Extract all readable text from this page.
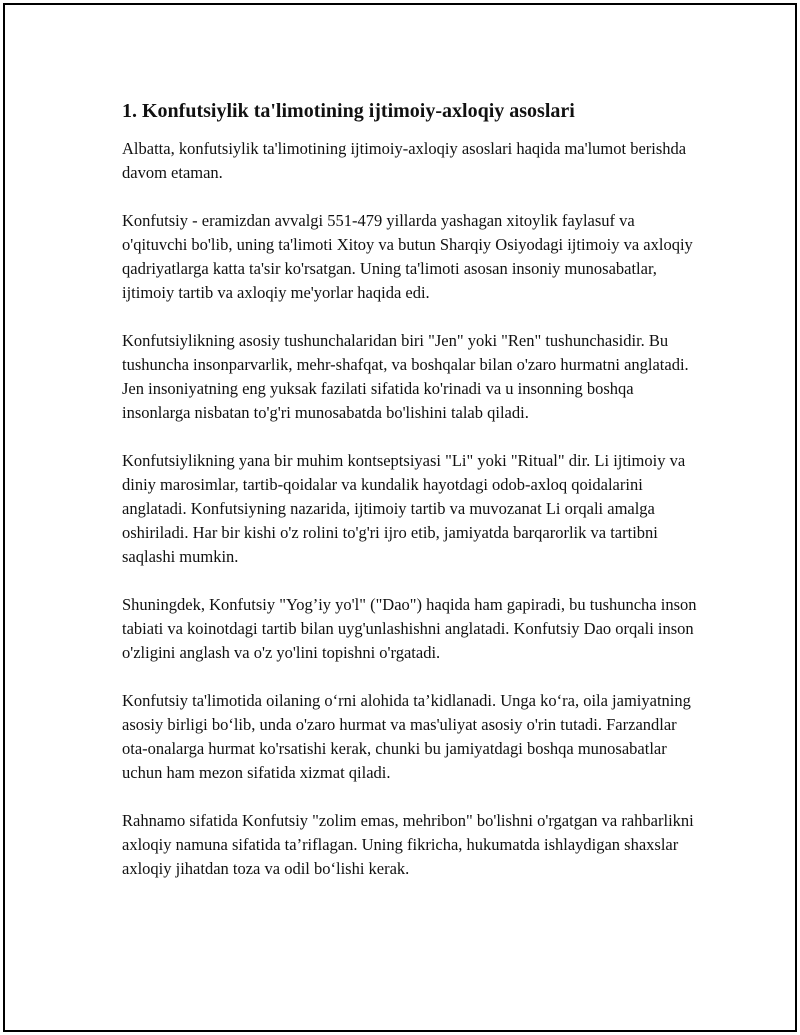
1. Konfutsiylik ta'limotining ijtimoiy-axloqiy asoslari

Albatta, konfutsiylik ta'limotining ijtimoiy-axloqiy asoslari haqida ma'lumot berishda davom etaman.

Konfutsiy - eramizdan avvalgi 551-479 yillarda yashagan xitoylik faylasuf va o'qituvchi bo'lib, uning ta'limoti Xitoy va butun Sharqiy Osiyodagi ijtimoiy va axloqiy qadriyatlarga katta ta'sir ko'rsatgan. Uning ta'limoti asosan insoniy munosabatlar, ijtimoiy tartib va axloqiy me'yorlar haqida edi.

Konfutsiylikning asosiy tushunchalaridan biri "Jen" yoki "Ren" tushunchasidir. Bu tushuncha insonparvarlik, mehr-shafqat, va boshqalar bilan o'zaro hurmatni anglatadi. Jen insoniyatning eng yuksak fazilati sifatida ko'rinadi va u insonning boshqa insonlarga nisbatan to'g'ri munosabatda bo'lishini talab qiladi.

Konfutsiylikning yana bir muhim kontseptsiyasi "Li" yoki "Ritual" dir. Li ijtimoiy va diniy marosimlar, tartib-qoidalar va kundalik hayotdagi odob-axloq qoidalarini anglatadi. Konfutsiyning nazarida, ijtimoiy tartib va muvozanat Li orqali amalga oshiriladi. Har bir kishi o'z rolini to'g'ri ijro etib, jamiyatda barqarorlik va tartibni saqlashi mumkin.

Shuningdek, Konfutsiy "Yog’iy yo'l" ("Dao") haqida ham gapiradi, bu tushuncha inson tabiati va koinotdagi tartib bilan uyg'unlashishni anglatadi. Konfutsiy Dao orqali inson o'zligini anglash va o'z yo'lini topishni o'rgatadi.

Konfutsiy ta'limotida oilaning o‘rni alohida ta’kidlanadi. Unga ko‘ra, oila jamiyatning asosiy birligi bo‘lib, unda o'zaro hurmat va mas'uliyat asosiy o'rin tutadi. Farzandlar ota-onalarga hurmat ko'rsatishi kerak, chunki bu jamiyatdagi boshqa munosabatlar uchun ham mezon sifatida xizmat qiladi.

Rahnamo sifatida Konfutsiy "zolim emas, mehribon" bo'lishni o'rgatgan va rahbarlikni axloqiy namuna sifatida ta’riflagan. Uning fikricha, hukumatda ishlaydigan shaxslar axloqiy jihatdan toza va odil bo‘lishi kerak.
